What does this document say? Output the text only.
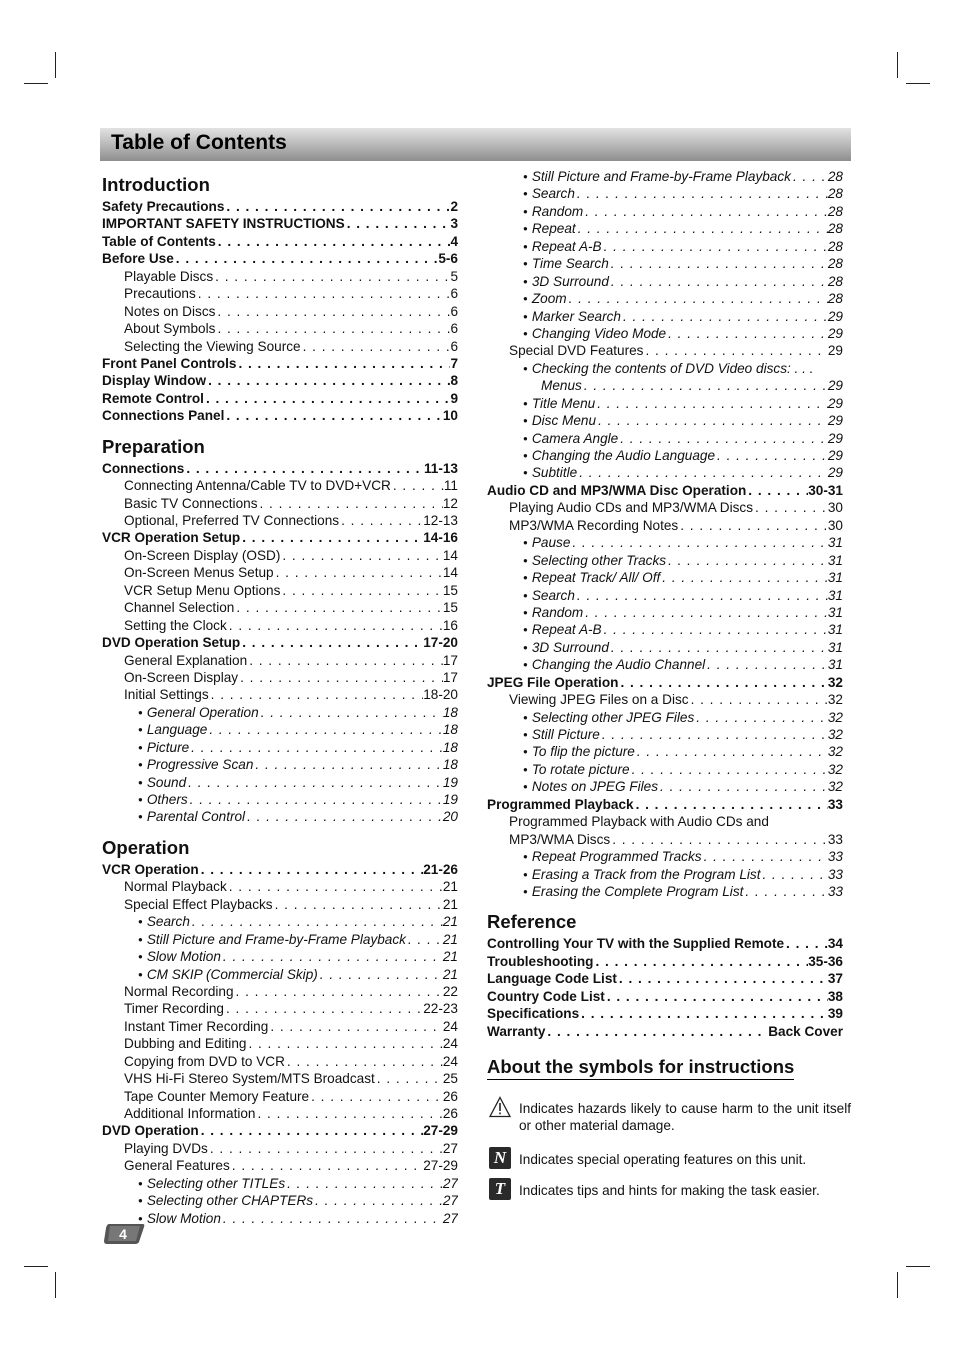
Table of Contents
Introduction
Safety Precautions . . .	2
IMPORTANT SAFETY INSTRUCTIONS . . .	3
Table of Contents . . .	4
Before Use . . .	5-6
Playable Discs . . .	5
Precautions . . .	6
Notes on Discs . . .	6
About Symbols . . .	6
Selecting the Viewing Source . . .	6
Front Panel Controls . . .	7
Display Window . . .	8
Remote Control . . .	9
Connections Panel . . .	10
Preparation
Connections . . .	11-13
Connecting Antenna/Cable TV to DVD+VCR . . .	11
Basic TV Connections . . .	12
Optional, Preferred TV Connections . . .	12-13
VCR Operation Setup . . .	14-16
On-Screen Display (OSD) . . .	14
On-Screen Menus Setup . . .	14
VCR Setup Menu Options . . .	15
Channel Selection . . .	15
Setting the Clock . . .	16
DVD Operation Setup . . .	17-20
General Explanation . . .	17
On-Screen Display . . .	17
Initial Settings . . .	18-20
● General Operation . . .	18
● Language . . .	18
● Picture . . .	18
● Progressive Scan . . .	18
● Sound . . .	19
● Others . . .	19
● Parental Control . . .	20
Operation
VCR Operation . . .	21-26
Normal Playback . . .	21
Special Effect Playbacks . . .	21
● Search . . .	21
● Still Picture and Frame-by-Frame Playback . . .	21
● Slow Motion . . .	21
● CM SKIP (Commercial Skip) . . .	21
Normal Recording . . .	22
Timer Recording . . .	22-23
Instant Timer Recording . . .	24
Dubbing and Editing . . .	24
Copying from DVD to VCR . . .	24
VHS Hi-Fi Stereo System/MTS Broadcast . . .	25
Tape Counter Memory Feature . . .	26
Additional Information . . .	26
DVD Operation . . .	27-29
Playing DVDs . . .	27
General Features . . .	27-29
● Selecting other TITLEs . . .	27
● Selecting other CHAPTERs . . .	27
● Slow Motion . . .	27
● Still Picture and Frame-by-Frame Playback . . .	28
● Search . . .	28
● Random . . .	28
● Repeat . . .	28
● Repeat A-B . . .	28
● Time Search . . .	28
● 3D Surround . . .	28
● Zoom . . .	28
● Marker Search . . .	29
● Changing Video Mode . . .	29
Special DVD Features . . .	29
● Checking the contents of DVD Video discs: . . .
Menus . . .	29
● Title Menu . . .	29
● Disc Menu . . .	29
● Camera Angle . . .	29
● Changing the Audio Language . . .	29
● Subtitle . . .	29
Audio CD and MP3/WMA Disc Operation . . .	30-31
Playing Audio CDs and MP3/WMA Discs . . .	30
MP3/WMA Recording Notes . . .	30
● Pause . . .	31
● Selecting other Tracks . . .	31
● Repeat Track/ All/ Off . . .	31
● Search . . .	31
● Random . . .	31
● Repeat A-B . . .	31
● 3D Surround . . .	31
● Changing the Audio Channel . . .	31
JPEG File Operation . . .	32
Viewing JPEG Files on a Disc . . .	32
● Selecting other JPEG Files . . .	32
● Still Picture . . .	32
● To flip the picture . . .	32
● To rotate picture . . .	32
● Notes on JPEG Files . . .	32
Programmed Playback . . .	33
Programmed Playback with Audio CDs and
MP3/WMA Discs . . .	33
● Repeat Programmed Tracks . . .	33
● Erasing a Track from the Program List . . .	33
● Erasing the Complete Program List . . .	33
Reference
Controlling Your TV with the Supplied Remote . . .	34
Troubleshooting . . .	35-36
Language Code List . . .	37
Country Code List . . .	38
Specifications . . .	39
Warranty . . .	Back Cover
About the symbols for instructions
Indicates hazards likely to cause harm to the unit itself or other material damage.
N Indicates special operating features on this unit.
T	Indicates tips and hints for making the task easier.
4
